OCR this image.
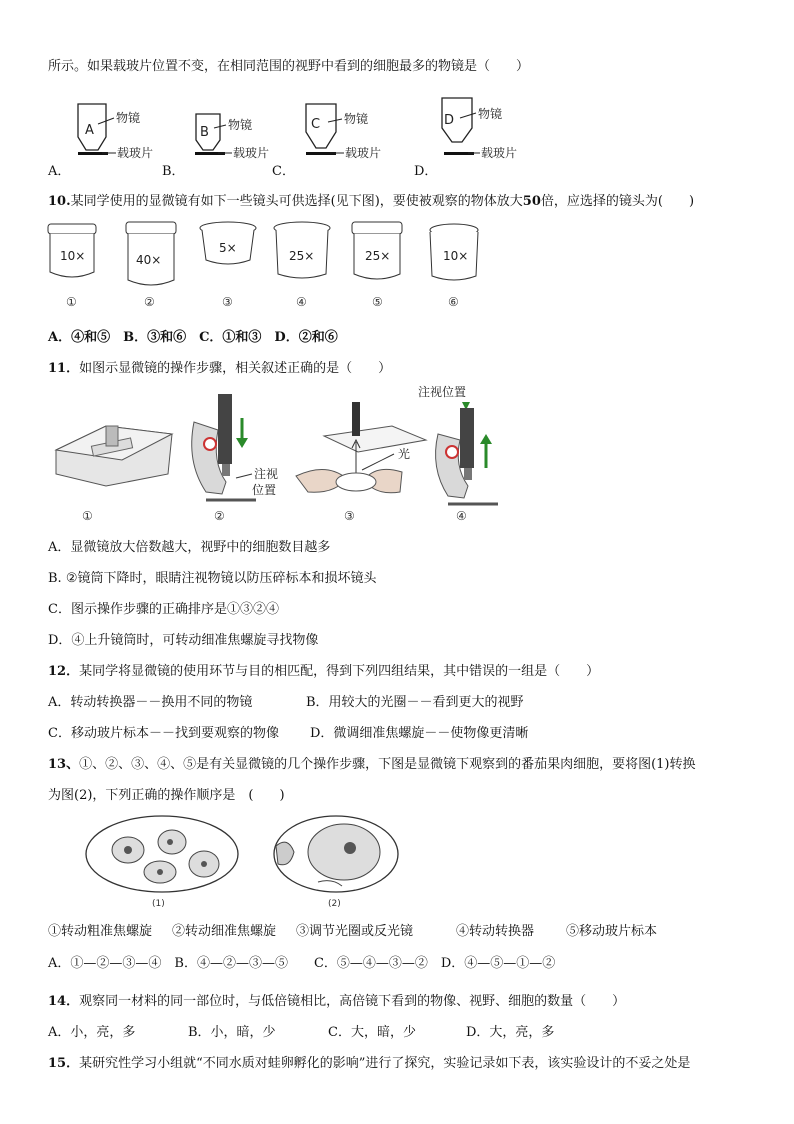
所示。如果载玻片位置不变，在相同范围的视野中看到的细胞最多的物镜是（　　）
A
物镜
载玻片
B 物镜
载玻片
C 物镜
载玻片
D 物镜
载玻片
A．	B．	C．	D．
10.某同学使用的显微镜有如下一些镜头可供选择(见下图)，要使被观察的物体放大50倍，应选择的镜头为(　　)
10×	40×
5×
25×	25×	10×
①	②	③	④	⑤	⑥
A．④和⑤　B．③和⑥　C．①和③　D．②和⑥
11．如图示显微镜的操作步骤，相关叙述正确的是（　　）
注视
位置
光
注视位置
①	②	③	④
A．显微镜放大倍数越大，视野中的细胞数目越多
B. ②镜筒下降时，眼睛注视物镜以防压碎标本和损坏镜头
C．图示操作步骤的正确排序是①③②④
D．④上升镜筒时，可转动细准焦螺旋寻找物像
12．某同学将显微镜的使用环节与目的相匹配，得到下列四组结果，其中错误的一组是（　　）
A．转动转换器－－换用不同的物镜	B．用较大的光圈－－看到更大的视野
C．移动玻片标本－－找到要观察的物像 D．微调细准焦螺旋－－使物像更清晰
13、①、②、③、④、⑤是有关显微镜的几个操作步骤，下图是显微镜下观察到的番茄果肉细胞，要将图(1)转换
为图(2)，下列正确的操作顺序是　(　　)
(1)	(2)
①转动粗准焦螺旋 ②转动细准焦螺旋 ③调节光圈或反光镜	④转动转换器 ⑤移动玻片标本
A．①—②—③—④　B．④—②—③—⑤　　C．⑤—④—③—②　D．④—⑤—①—②
14．观察同一材料的同一部位时，与低倍镜相比，高倍镜下看到的物像、视野、细胞的数量（　　）
A．小，亮，多	B．小，暗，少	C．大，暗，少	D．大，亮，多
15．某研究性学习小组就“不同水质对蛙卵孵化的影响”进行了探究，实验记录如下表，该实验设计的不妥之处是
